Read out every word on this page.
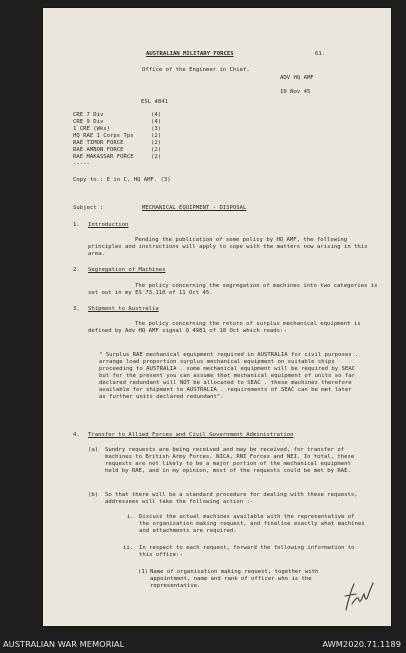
AUSTRALIAN MILITARY FORCES	61.
Office of the Engineer in Chief.
ADV HQ AMF
10 Nov 45
ESL 4841
CRE 7 Div	(4)
CRE 9 Div	(4)
1 CRE (Wks)	(3)
HQ RAE 1 Corps Tps	(2)
RAE TIMOR FORCE	(2)
RAE AMBON FORCE	(2)
RAE MAKASSAR FORCE	(2)
-----
Copy to : E in C, HQ AMF. (3)
Subject :	MECHANICAL EQUIPMENT - DISPOSAL
1. Introduction
Pending the publication of some policy by HQ AMF, the following principles and instructions will apply to cope with the matters now arising in this area.
2. Segregation of Machines
The policy concerning the segregation of machines into two categories is set out in my ES 73.110 of 11 Oct 45.
3. Shipment to Australia
The policy concerning the return of surplus mechanical equipment is defined by Adv HQ AMF signal Q 4981 of 18 Oct which reads:-
" Surplus RAE mechanical equipment required in AUSTRALIA for civil purposes . arrange load proportion surplus mechanical equipment on suitable ships proceeding to AUSTRALIA . some mechanical equipment will be required by SEAC but for the present you can assume that mechanical equipment of units so far declared redundant will NOT be allocated to SEAC . these machines therefore available for shipment to AUSTRALIA . requirements of SEAC can be met later as further units declared redundant".
4. Transfer to Allied Forces and Civil Government Administration
(a) Sundry requests are being received and may be received, for transfer of machines to British Army Forces, NICA, RNI Forces and NEI. In total, these requests are not likely to be a major portion of the mechanical equipment held by RAE, and in my opinion, most of the requests could be met by RAE.
(b) So that there will be a standard procedure for dealing with these requests, addressees will take the following action :-
i. Discuss the actual machines available with the representative of the organisation making request, and finalise exactly what machines and attachments are required.
ii. In respect to each request, forward the following information to this office:-
(1) Name of organisation making request, together with appointment, name and rank of officer who is the representative.
AUSTRALIAN WAR MEMORIAL	AWM2020.71.1189
